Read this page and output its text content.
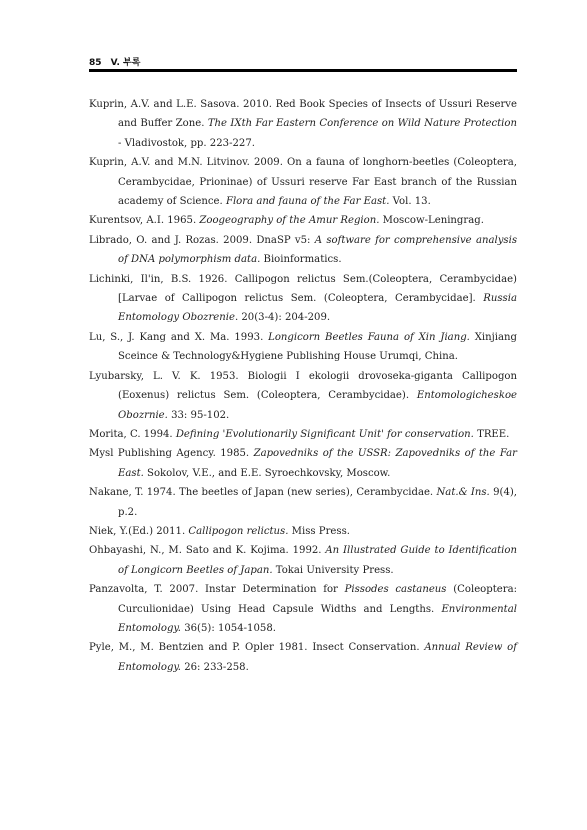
85 V. 부록

Kuprin, A.V. and L.E. Sasova. 2010. Red Book Species of Insects of Ussuri Reserve and Buffer Zone. The IXth Far Eastern Conference on Wild Nature Protection - Vladivostok, pp. 223-227.

Kuprin, A.V. and M.N. Litvinov. 2009. On a fauna of longhorn-beetles (Coleoptera, Cerambycidae, Prioninae) of Ussuri reserve Far East branch of the Russian academy of Science. Flora and fauna of the Far East. Vol. 13.

Kurentsov, A.I. 1965. Zoogeography of the Amur Region. Moscow-Leningrag.

Librado, O. and J. Rozas. 2009. DnaSP v5: A software for comprehensive analysis of DNA polymorphism data. Bioinformatics.

Lichinki, Il'in, B.S. 1926. Callipogon relictus Sem.(Coleoptera, Cerambycidae)[Larvae of Callipogon relictus Sem. (Coleoptera, Cerambycidae]. Russia Entomology Obozrenie. 20(3-4): 204-209.

Lu, S., J. Kang and X. Ma. 1993. Longicorn Beetles Fauna of Xin Jiang. Xinjiang Sceince & Technology&Hygiene Publishing House Urumqi, China.

Lyubarsky, L. V. K. 1953. Biologii I ekologii drovoseka-giganta Callipogon (Eoxenus) relictus Sem. (Coleoptera, Cerambycidae). Entomologicheskoe Obozrnie. 33: 95-102.

Morita, C. 1994. Defining 'Evolutionarily Significant Unit' for conservation. TREE.

Mysl Publishing Agency. 1985. Zapovedniks of the USSR: Zapovedniks of the Far East. Sokolov, V.E., and E.E. Syroechkovsky, Moscow.

Nakane, T. 1974. The beetles of Japan (new series), Cerambycidae. Nat.& Ins. 9(4), p.2.

Niek, Y.(Ed.) 2011. Callipogon relictus. Miss Press.

Ohbayashi, N., M. Sato and K. Kojima. 1992. An Illustrated Guide to Identification of Longicorn Beetles of Japan. Tokai University Press.

Panzavolta, T. 2007. Instar Determination for Pissodes castaneus (Coleoptera: Curculionidae) Using Head Capsule Widths and Lengths. Environmental Entomology. 36(5): 1054-1058.

Pyle, M., M. Bentzien and P. Opler 1981. Insect Conservation. Annual Review of Entomology. 26: 233-258.
